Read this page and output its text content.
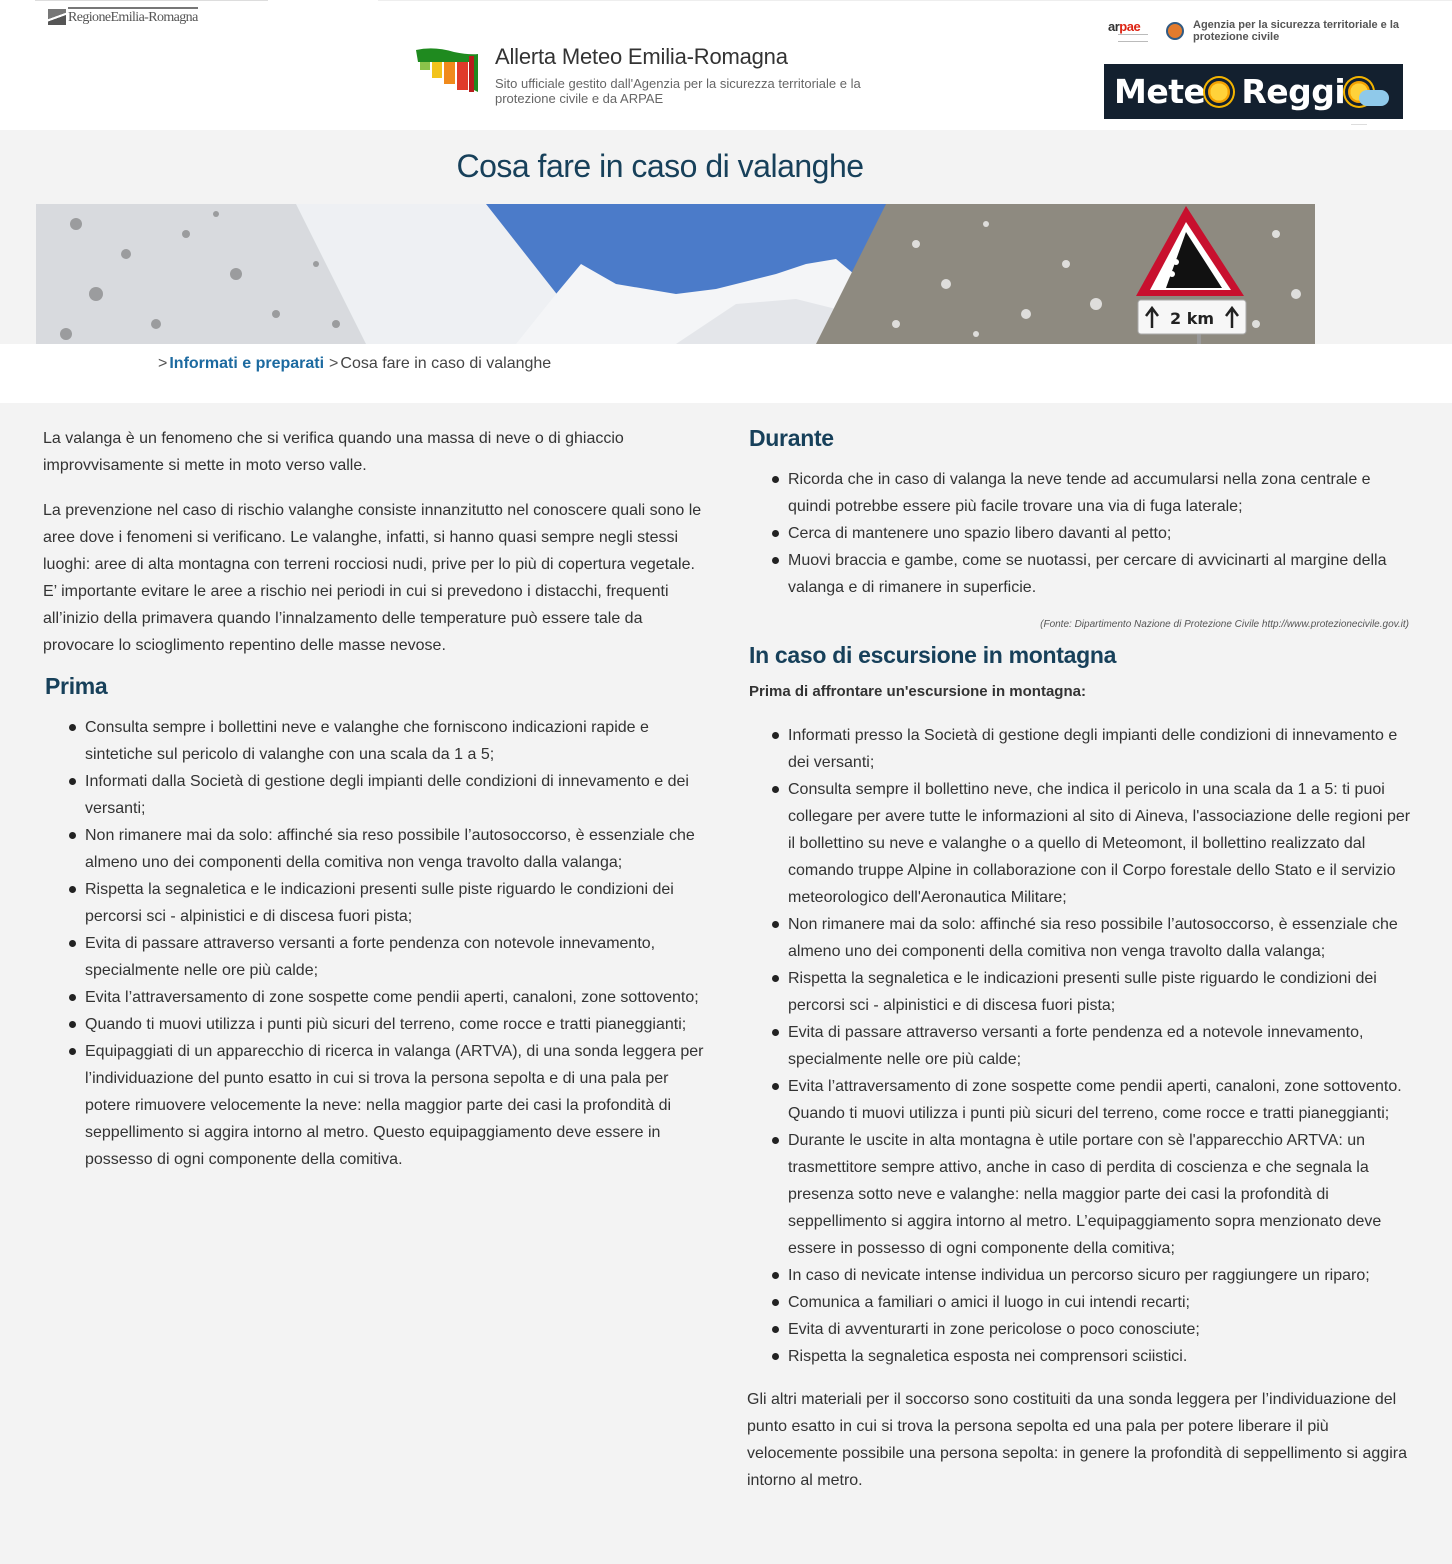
RegioneEmilia-Romagna
Allerta Meteo Emilia-Romagna
Sito ufficiale gestito dall'Agenzia per la sicurezza territoriale e la protezione civile e da ARPAE
arpae	Agenzia per la sicurezza territoriale e la protezione civile
Mete Reggi
Cosa fare in caso di valanghe
2 km
> Informati e preparati > Cosa fare in caso di valanghe

La valanga è un fenomeno che si verifica quando una massa di neve o di ghiaccio improvvisamente si mette in moto verso valle.

La prevenzione nel caso di rischio valanghe consiste innanzitutto nel conoscere quali sono le aree dove i fenomeni si verificano. Le valanghe, infatti, si hanno quasi sempre negli stessi luoghi: aree di alta montagna con terreni rocciosi nudi, prive per lo più di copertura vegetale. E’ importante evitare le aree a rischio nei periodi in cui si prevedono i distacchi, frequenti all’inizio della primavera quando l’innalzamento delle temperature può essere tale da provocare lo scioglimento repentino delle masse nevose.

Prima
Consulta sempre i bollettini neve e valanghe che forniscono indicazioni rapide e sintetiche sul pericolo di valanghe con una scala da 1 a 5;
Informati dalla Società di gestione degli impianti delle condizioni di innevamento e dei versanti;
Non rimanere mai da solo: affinché sia reso possibile l’autosoccorso, è essenziale che almeno uno dei componenti della comitiva non venga travolto dalla valanga;
Rispetta la segnaletica e le indicazioni presenti sulle piste riguardo le condizioni dei percorsi sci - alpinistici e di discesa fuori pista;
Evita di passare attraverso versanti a forte pendenza con notevole innevamento, specialmente nelle ore più calde;
Evita l’attraversamento di zone sospette come pendii aperti, canaloni, zone sottovento;
Quando ti muovi utilizza i punti più sicuri del terreno, come rocce e tratti pianeggianti;
Equipaggiati di un apparecchio di ricerca in valanga (ARTVA), di una sonda leggera per l’individuazione del punto esatto in cui si trova la persona sepolta e di una pala per potere rimuovere velocemente la neve: nella maggior parte dei casi la profondità di seppellimento si aggira intorno al metro. Questo equipaggiamento deve essere in possesso di ogni componente della comitiva.
Durante
Ricorda che in caso di valanga la neve tende ad accumularsi nella zona centrale e quindi potrebbe essere più facile trovare una via di fuga laterale;
Cerca di mantenere uno spazio libero davanti al petto;
Muovi braccia e gambe, come se nuotassi, per cercare di avvicinarti al margine della valanga e di rimanere in superficie.

(Fonte: Dipartimento Nazione di Protezione Civile http://www.protezionecivile.gov.it)

In caso di escursione in montagna

Prima di affrontare un'escursione in montagna:

Informati presso la Società di gestione degli impianti delle condizioni di innevamento e dei versanti;
Consulta sempre il bollettino neve, che indica il pericolo in una scala da 1 a 5: ti puoi collegare per avere tutte le informazioni al sito di Aineva, l'associazione delle regioni per il bollettino su neve e valanghe o a quello di Meteomont, il bollettino realizzato dal comando truppe Alpine in collaborazione con il Corpo forestale dello Stato e il servizio meteorologico dell'Aeronautica Militare;
Non rimanere mai da solo: affinché sia reso possibile l’autosoccorso, è essenziale che almeno uno dei componenti della comitiva non venga travolto dalla valanga;
Rispetta la segnaletica e le indicazioni presenti sulle piste riguardo le condizioni dei percorsi sci - alpinistici e di discesa fuori pista;
Evita di passare attraverso versanti a forte pendenza ed a notevole innevamento, specialmente nelle ore più calde;
Evita l’attraversamento di zone sospette come pendii aperti, canaloni, zone sottovento. Quando ti muovi utilizza i punti più sicuri del terreno, come rocce e tratti pianeggianti;
Durante le uscite in alta montagna è utile portare con sè l'apparecchio ARTVA: un trasmettitore sempre attivo, anche in caso di perdita di coscienza e che segnala la presenza sotto neve e valanghe: nella maggior parte dei casi la profondità di seppellimento si aggira intorno al metro. L’equipaggiamento sopra menzionato deve essere in possesso di ogni componente della comitiva;
In caso di nevicate intense individua un percorso sicuro per raggiungere un riparo;
Comunica a familiari o amici il luogo in cui intendi recarti;
Evita di avventurarti in zone pericolose o poco conosciute;
Rispetta la segnaletica esposta nei comprensori sciistici.

Gli altri materiali per il soccorso sono costituiti da una sonda leggera per l’individuazione del punto esatto in cui si trova la persona sepolta ed una pala per potere liberare il più velocemente possibile una persona sepolta: in genere la profondità di seppellimento si aggira intorno al metro.
